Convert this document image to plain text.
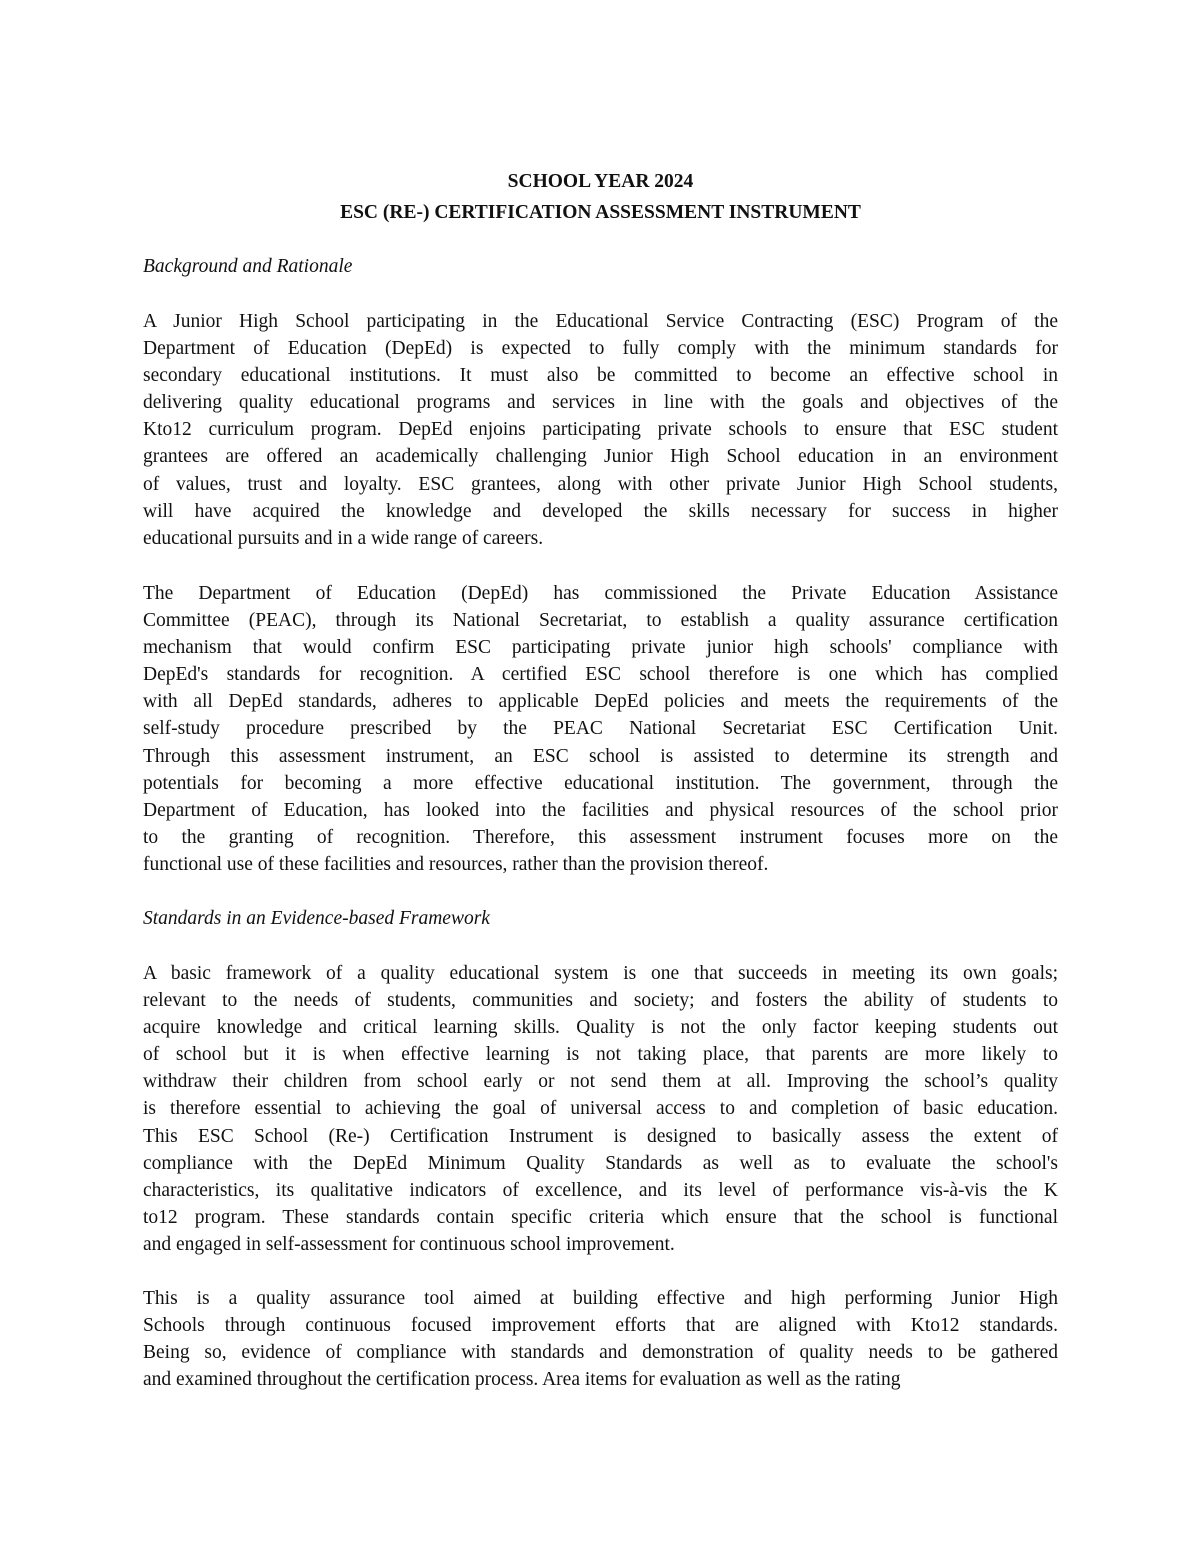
SCHOOL YEAR 2024
ESC (RE-) CERTIFICATION ASSESSMENT INSTRUMENT
Background and Rationale
A Junior High School participating in the Educational Service Contracting (ESC) Program of the
Department of Education (DepEd) is expected to fully comply with the minimum standards for
secondary educational institutions. It must also be committed to become an effective school in
delivering quality educational programs and services in line with the goals and objectives of the
Kto12 curriculum program. DepEd enjoins participating private schools to ensure that ESC student
grantees are offered an academically challenging Junior High School education in an environment
of values, trust and loyalty. ESC grantees, along with other private Junior High School students,
will have acquired the knowledge and developed the skills necessary for success in higher
educational pursuits and in a wide range of careers.
The Department of Education (DepEd) has commissioned the Private Education Assistance
Committee (PEAC), through its National Secretariat, to establish a quality assurance certification
mechanism that would confirm ESC participating private junior high schools' compliance with
DepEd's standards for recognition. A certified ESC school therefore is one which has complied
with all DepEd standards, adheres to applicable DepEd policies and meets the requirements of the
self-study procedure prescribed by the PEAC National Secretariat ESC Certification Unit.
Through this assessment instrument, an ESC school is assisted to determine its strength and
potentials for becoming a more effective educational institution. The government, through the
Department of Education, has looked into the facilities and physical resources of the school prior
to the granting of recognition. Therefore, this assessment instrument focuses more on the
functional use of these facilities and resources, rather than the provision thereof.
Standards in an Evidence-based Framework
A basic framework of a quality educational system is one that succeeds in meeting its own goals;
relevant to the needs of students, communities and society; and fosters the ability of students to
acquire knowledge and critical learning skills. Quality is not the only factor keeping students out
of school but it is when effective learning is not taking place, that parents are more likely to
withdraw their children from school early or not send them at all. Improving the school’s quality
is therefore essential to achieving the goal of universal access to and completion of basic education.
This ESC School (Re-) Certification Instrument is designed to basically assess the extent of
compliance with the DepEd Minimum Quality Standards as well as to evaluate the school's
characteristics, its qualitative indicators of excellence, and its level of performance vis-à-vis the K
to12 program. These standards contain specific criteria which ensure that the school is functional
and engaged in self-assessment for continuous school improvement.
This is a quality assurance tool aimed at building effective and high performing Junior High
Schools through continuous focused improvement efforts that are aligned with Kto12 standards.
Being so, evidence of compliance with standards and demonstration of quality needs to be gathered
and examined throughout the certification process. Area items for evaluation as well as the rating
